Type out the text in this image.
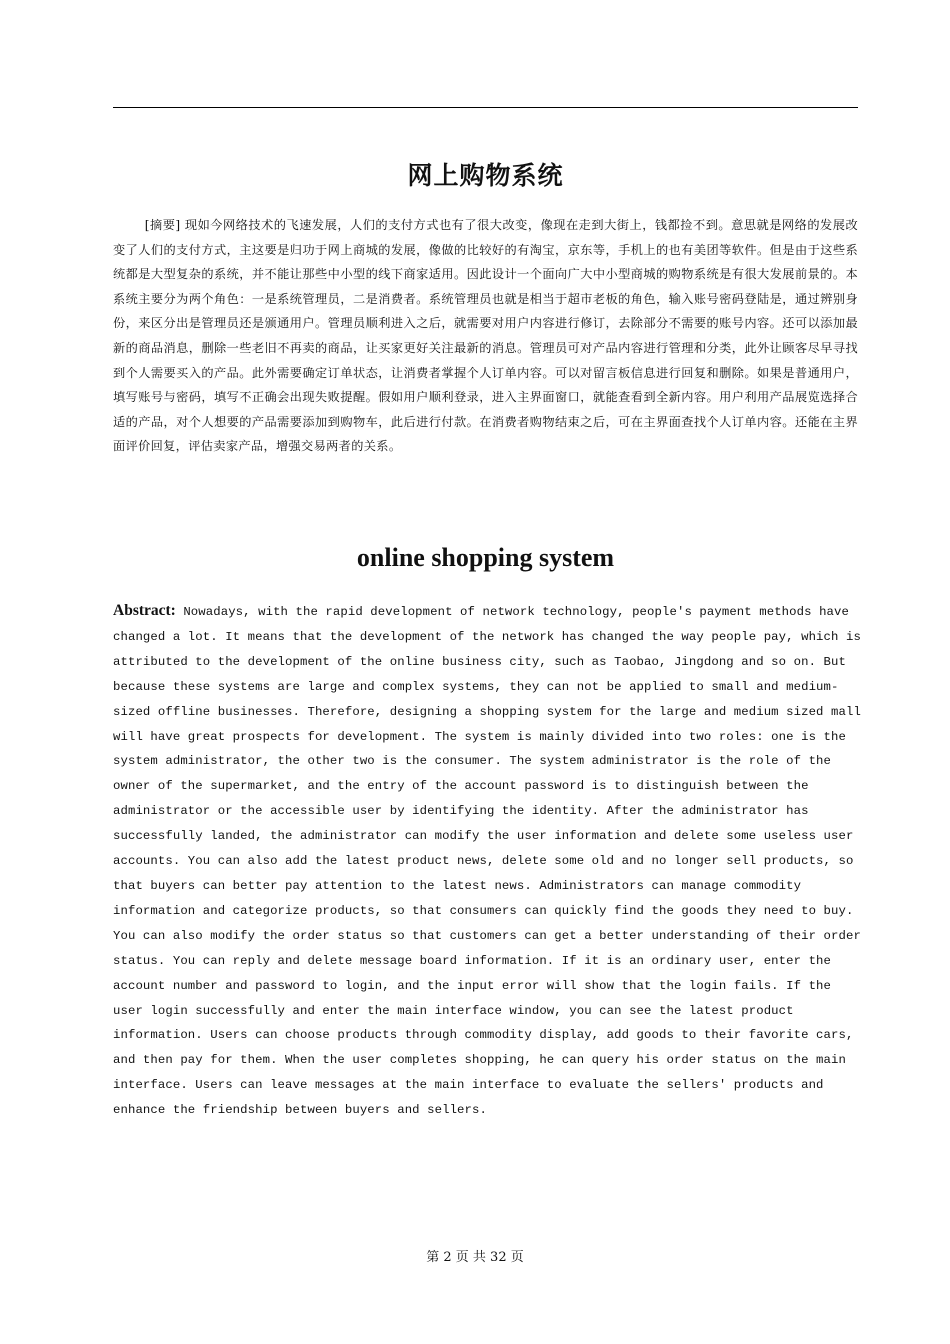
网上购物系统

[摘要] 现如今网络技术的飞速发展，人们的支付方式也有了很大改变，像现在走到大街上，钱都捡不到。意思就是网络的发展改变了人们的支付方式，主这要是归功于网上商城的发展，像做的比较好的有淘宝，京东等，手机上的也有美团等软件。但是由于这些系统都是大型复杂的系统，并不能让那些中小型的线下商家适用。因此设计一个面向广大中小型商城的购物系统是有很大发展前景的。本系统主要分为两个角色：一是系统管理员，二是消费者。系统管理员也就是相当于超市老板的角色，输入账号密码登陆是，通过辨别身份，来区分出是管理员还是颁通用户。管理员顺利进入之后，就需要对用户内容进行修订，去除部分不需要的账号内容。还可以添加最新的商品消息，删除一些老旧不再卖的商品，让买家更好关注最新的消息。管理员可对产品内容进行管理和分类，此外让顾客尽早寻找到个人需要买入的产品。此外需要确定订单状态，让消费者掌握个人订单内容。可以对留言板信息进行回复和删除。如果是普通用户，填写账号与密码，填写不正确会出现失败提醒。假如用户顺利登录，进入主界面窗口，就能查看到全新内容。用户利用产品展览选择合适的产品，对个人想要的产品需要添加到购物车，此后进行付款。在消费者购物结束之后，可在主界面查找个人订单内容。还能在主界面评价回复，评估卖家产品，增强交易两者的关系。

online shopping system

Abstract: Nowadays, with the rapid development of network technology, people's payment methods have changed a lot. It means that the development of the network has changed the way people pay, which is attributed to the development of the online business city, such as Taobao, Jingdong and so on. But because these systems are large and complex systems, they can not be applied to small and medium-sized offline businesses. Therefore, designing a shopping system for the large and medium sized mall will have great prospects for development. The system is mainly divided into two roles: one is the system administrator, the other two is the consumer. The system administrator is the role of the owner of the supermarket, and the entry of the account password is to distinguish between the administrator or the accessible user by identifying the identity. After the administrator has successfully landed, the administrator can modify the user information and delete some useless user accounts. You can also add the latest product news, delete some old and no longer sell products, so that buyers can better pay attention to the latest news. Administrators can manage commodity information and categorize products, so that consumers can quickly find the goods they need to buy. You can also modify the order status so that customers can get a better understanding of their order status. You can reply and delete message board information. If it is an ordinary user, enter the account number and password to login, and the input error will show that the login fails. If the user login successfully and enter the main interface window, you can see the latest product information. Users can choose products through commodity display, add goods to their favorite cars, and then pay for them. When the user completes shopping, he can query his order status on the main interface. Users can leave messages at the main interface to evaluate the sellers' products and enhance the friendship between buyers and sellers.

第 2 页 共 32 页
